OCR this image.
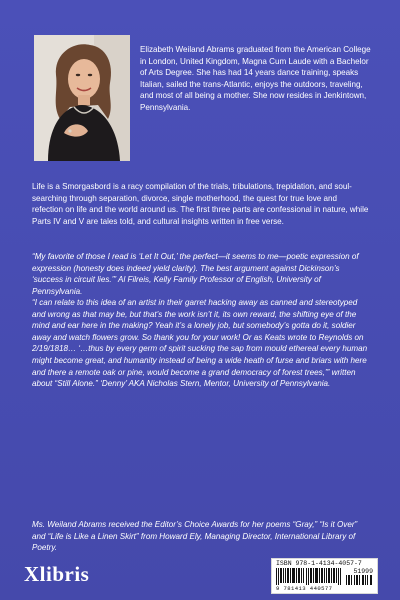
Elizabeth Weiland Abrams graduated from the American College in London, United Kingdom, Magna Cum Laude with a Bachelor of Arts Degree. She has had 14 years dance training, speaks Italian, sailed the trans-Atlantic, enjoys the outdoors, traveling, and most of all being a mother. She now resides in Jenkintown, Pennsylvania.

Life is a Smorgasbord is a racy compilation of the trials, tribulations, trepidation, and soul-searching through separation, divorce, single motherhood, the quest for true love and refection on life and the world around us. The first three parts are confessional in nature, while Parts IV and V are tales told, and cultural insights written in free verse.

“My favorite of those I read is ‘Let It Out,’ the perfect—it seems to me—poetic expression of expression (honesty does indeed yield clarity). The best argument against Dickinson’s ‘success in circuit lies.’” Al Filreis, Kelly Family Professor of English, University of Pennsylvania.

“I can relate to this idea of an artist in their garret hacking away as canned and stereotyped and wrong as that may be, but that’s the work isn’t it, its own reward, the shifting eye of the mind and ear here in the making? Yeah it’s a lonely job, but somebody’s gotta do it, soldier away and watch flowers grow. So thank you for your work! Or as Keats wrote to Reynolds on 2/19/1818… ‘…thus by every germ of spirit sucking the sap from mould ethereal every human might become great, and humanity instead of being a wide heath of furse and briars with here and there a remote oak or pine, would become a grand democracy of forest trees,’” written about “Still Alone.” ‘Denny’ AKA Nicholas Stern, Mentor, University of Pennsylvania.

Ms. Weiland Abrams received the Editor’s Choice Awards for her poems “Gray,” “Is it Over” and “Life is Like a Linen Skirt” from Howard Ely, Managing Director, International Library of Poetry.

Xlibris	ISBN 978-1-4134-4057-7
51999
9 781413 440577
